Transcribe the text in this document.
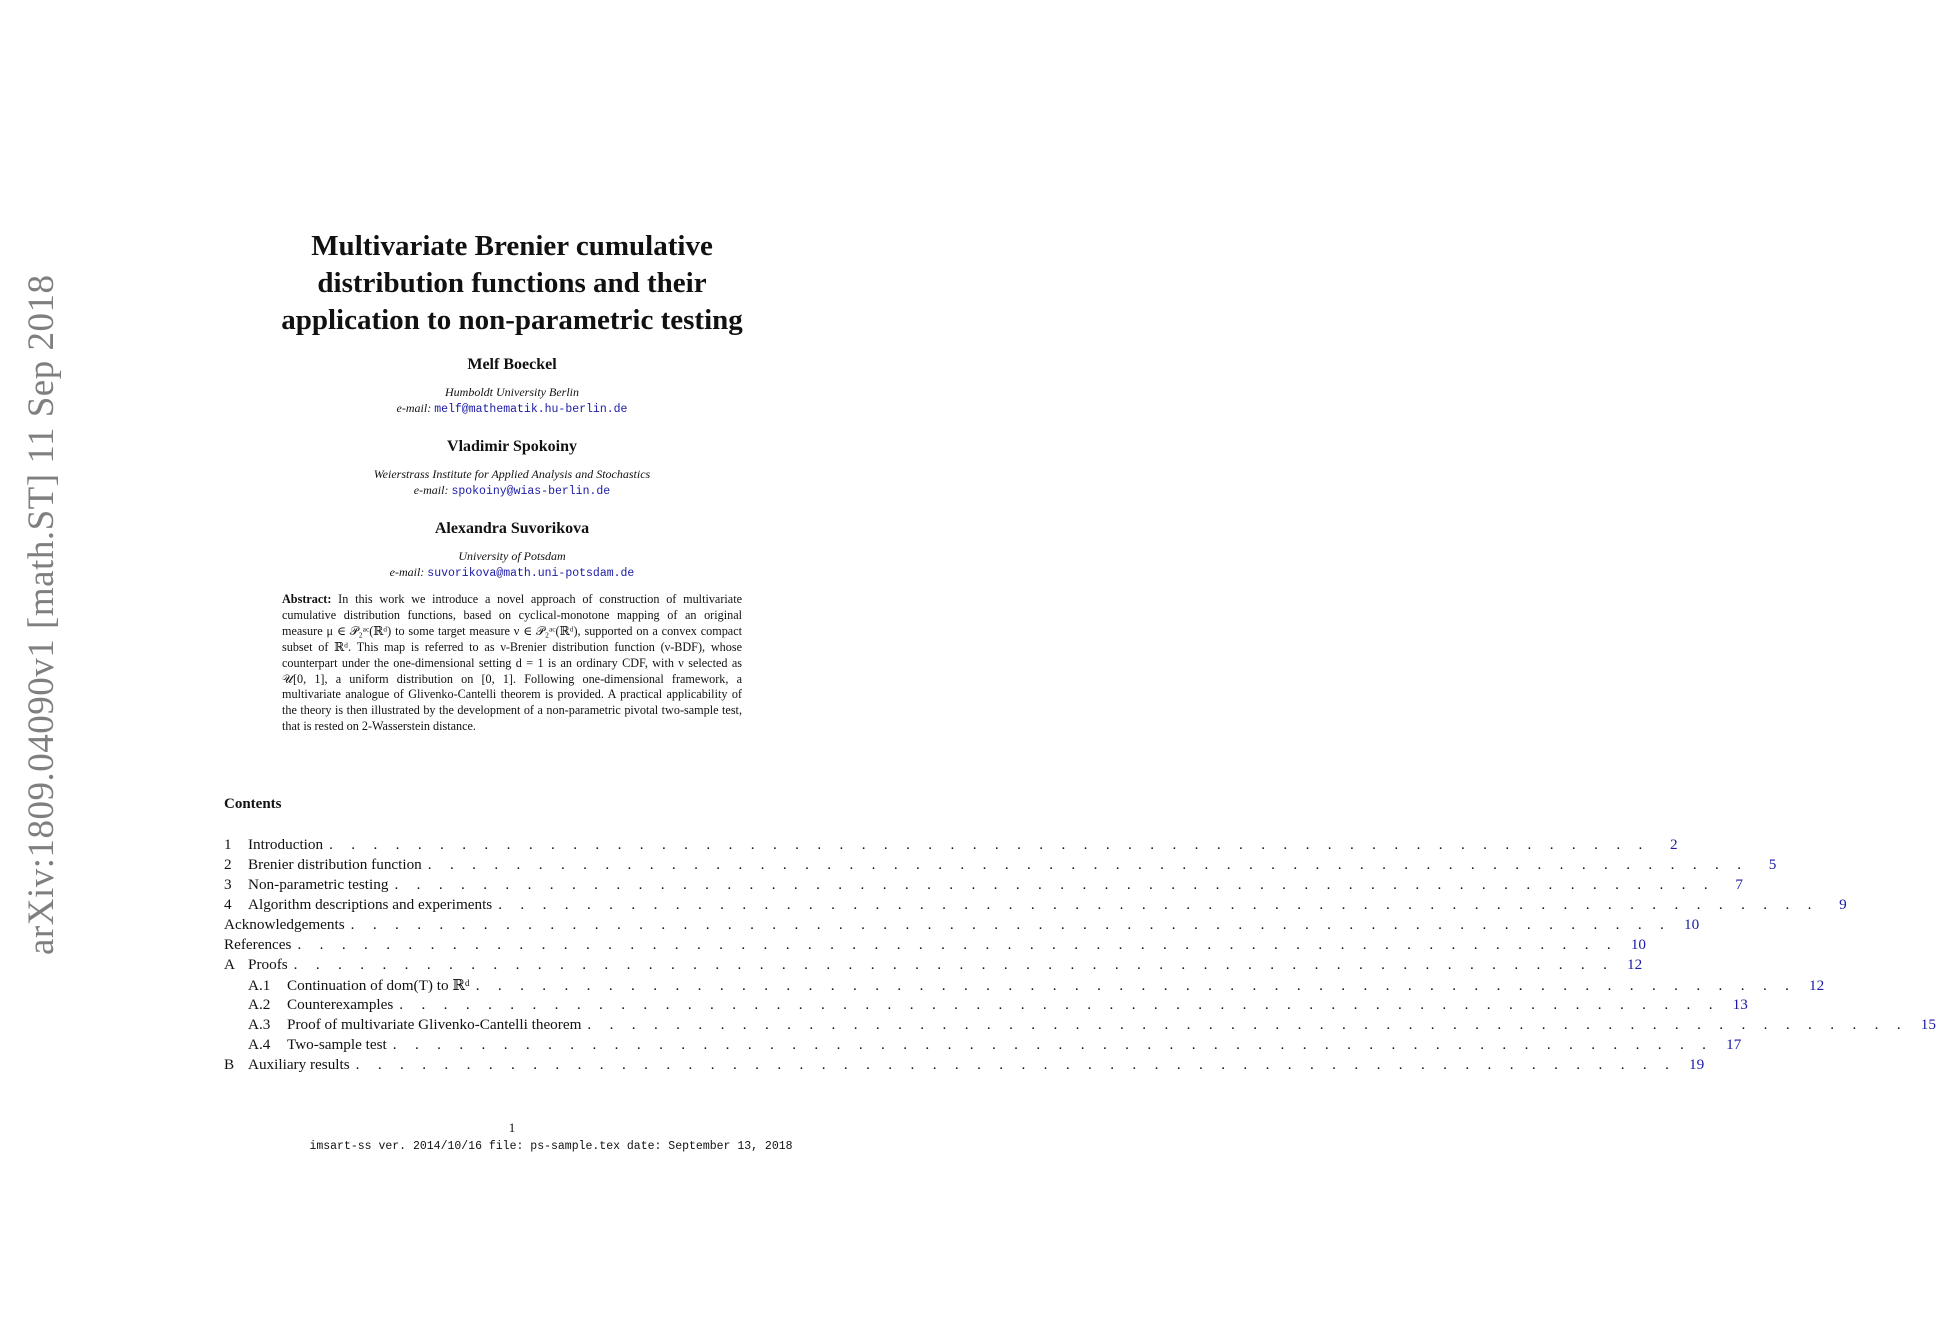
arXiv:1809.04090v1 [math.ST] 11 Sep 2018
Multivariate Brenier cumulative
distribution functions and their
application to non-parametric testing
Melf Boeckel
Humboldt University Berlin
e-mail: melf@mathematik.hu-berlin.de
Vladimir Spokoiny
Weierstrass Institute for Applied Analysis and Stochastics
e-mail: spokoiny@wias-berlin.de
Alexandra Suvorikova
University of Potsdam
e-mail: suvorikova@math.uni-potsdam.de
Abstract: In this work we introduce a novel approach of construction of multivariate cumulative distribution functions, based on cyclical-monotone mapping of an original measure μ ∈ 𝒫₂ᵃᶜ(ℝᵈ) to some target measure ν ∈ 𝒫₂ᵃᶜ(ℝᵈ), supported on a convex compact subset of ℝᵈ. This map is referred to as ν-Brenier distribution function (ν-BDF), whose counterpart under the one-dimensional setting d = 1 is an ordinary CDF, with ν selected as 𝒰[0, 1], a uniform distribution on [0, 1]. Following one-dimensional framework, a multivariate analogue of Glivenko-Cantelli theorem is provided. A practical applicability of the theory is then illustrated by the development of a non-parametric pivotal two-sample test, that is rested on 2-Wasserstein distance.
Contents
1	Introduction . . . . . . . . . . . . . . . . . . . . . . . . . . . . . . . . . . . . . . . . . . . . . . . . . . . . . . . . . . . .	2
2	Brenier distribution function . . . . . . . . . . . . . . . . . . . . . . . . . . . . . . . . . . . . . . . . . . . . . . . . . . . . . . . . . . . .	5
3	Non-parametric testing . . . . . . . . . . . . . . . . . . . . . . . . . . . . . . . . . . . . . . . . . . . . . . . . . . . . . . . . . . . .	7
4	Algorithm descriptions and experiments . . . . . . . . . . . . . . . . . . . . . . . . . . . . . . . . . . . . . . . . . . . . . . . . . . . . . . . . . . . .	9
Acknowledgements . . . . . . . . . . . . . . . . . . . . . . . . . . . . . . . . . . . . . . . . . . . . . . . . . . . . . . . . . . . . 10
References . . . . . . . . . . . . . . . . . . . . . . . . . . . . . . . . . . . . . . . . . . . . . . . . . . . . . . . . . . . . 10
A Proofs . . . . . . . . . . . . . . . . . . . . . . . . . . . . . . . . . . . . . . . . . . . . . . . . . . . . . . . . . . . . 12
A.1	Continuation of dom(T) to ℝᵈ . . . . . . . . . . . . . . . . . . . . . . . . . . . . . . . . . . . . . . . . . . . . . . . . . . . . . . . . . . . . 12
A.2	Counterexamples . . . . . . . . . . . . . . . . . . . . . . . . . . . . . . . . . . . . . . . . . . . . . . . . . . . . . . . . . . . . 13
A.3	Proof of multivariate Glivenko-Cantelli theorem . . . . . . . . . . . . . . . . . . . . . . . . . . . . . . . . . . . . . . . . . . . . . . . . . . . . . . . . . . . . 15
A.4	Two-sample test . . . . . . . . . . . . . . . . . . . . . . . . . . . . . . . . . . . . . . . . . . . . . . . . . . . . . . . . . . . . 17
B Auxiliary results . . . . . . . . . . . . . . . . . . . . . . . . . . . . . . . . . . . . . . . . . . . . . . . . . . . . . . . . . . . . 19
1
imsart-ss ver. 2014/10/16 file: ps-sample.tex date: September 13, 2018
